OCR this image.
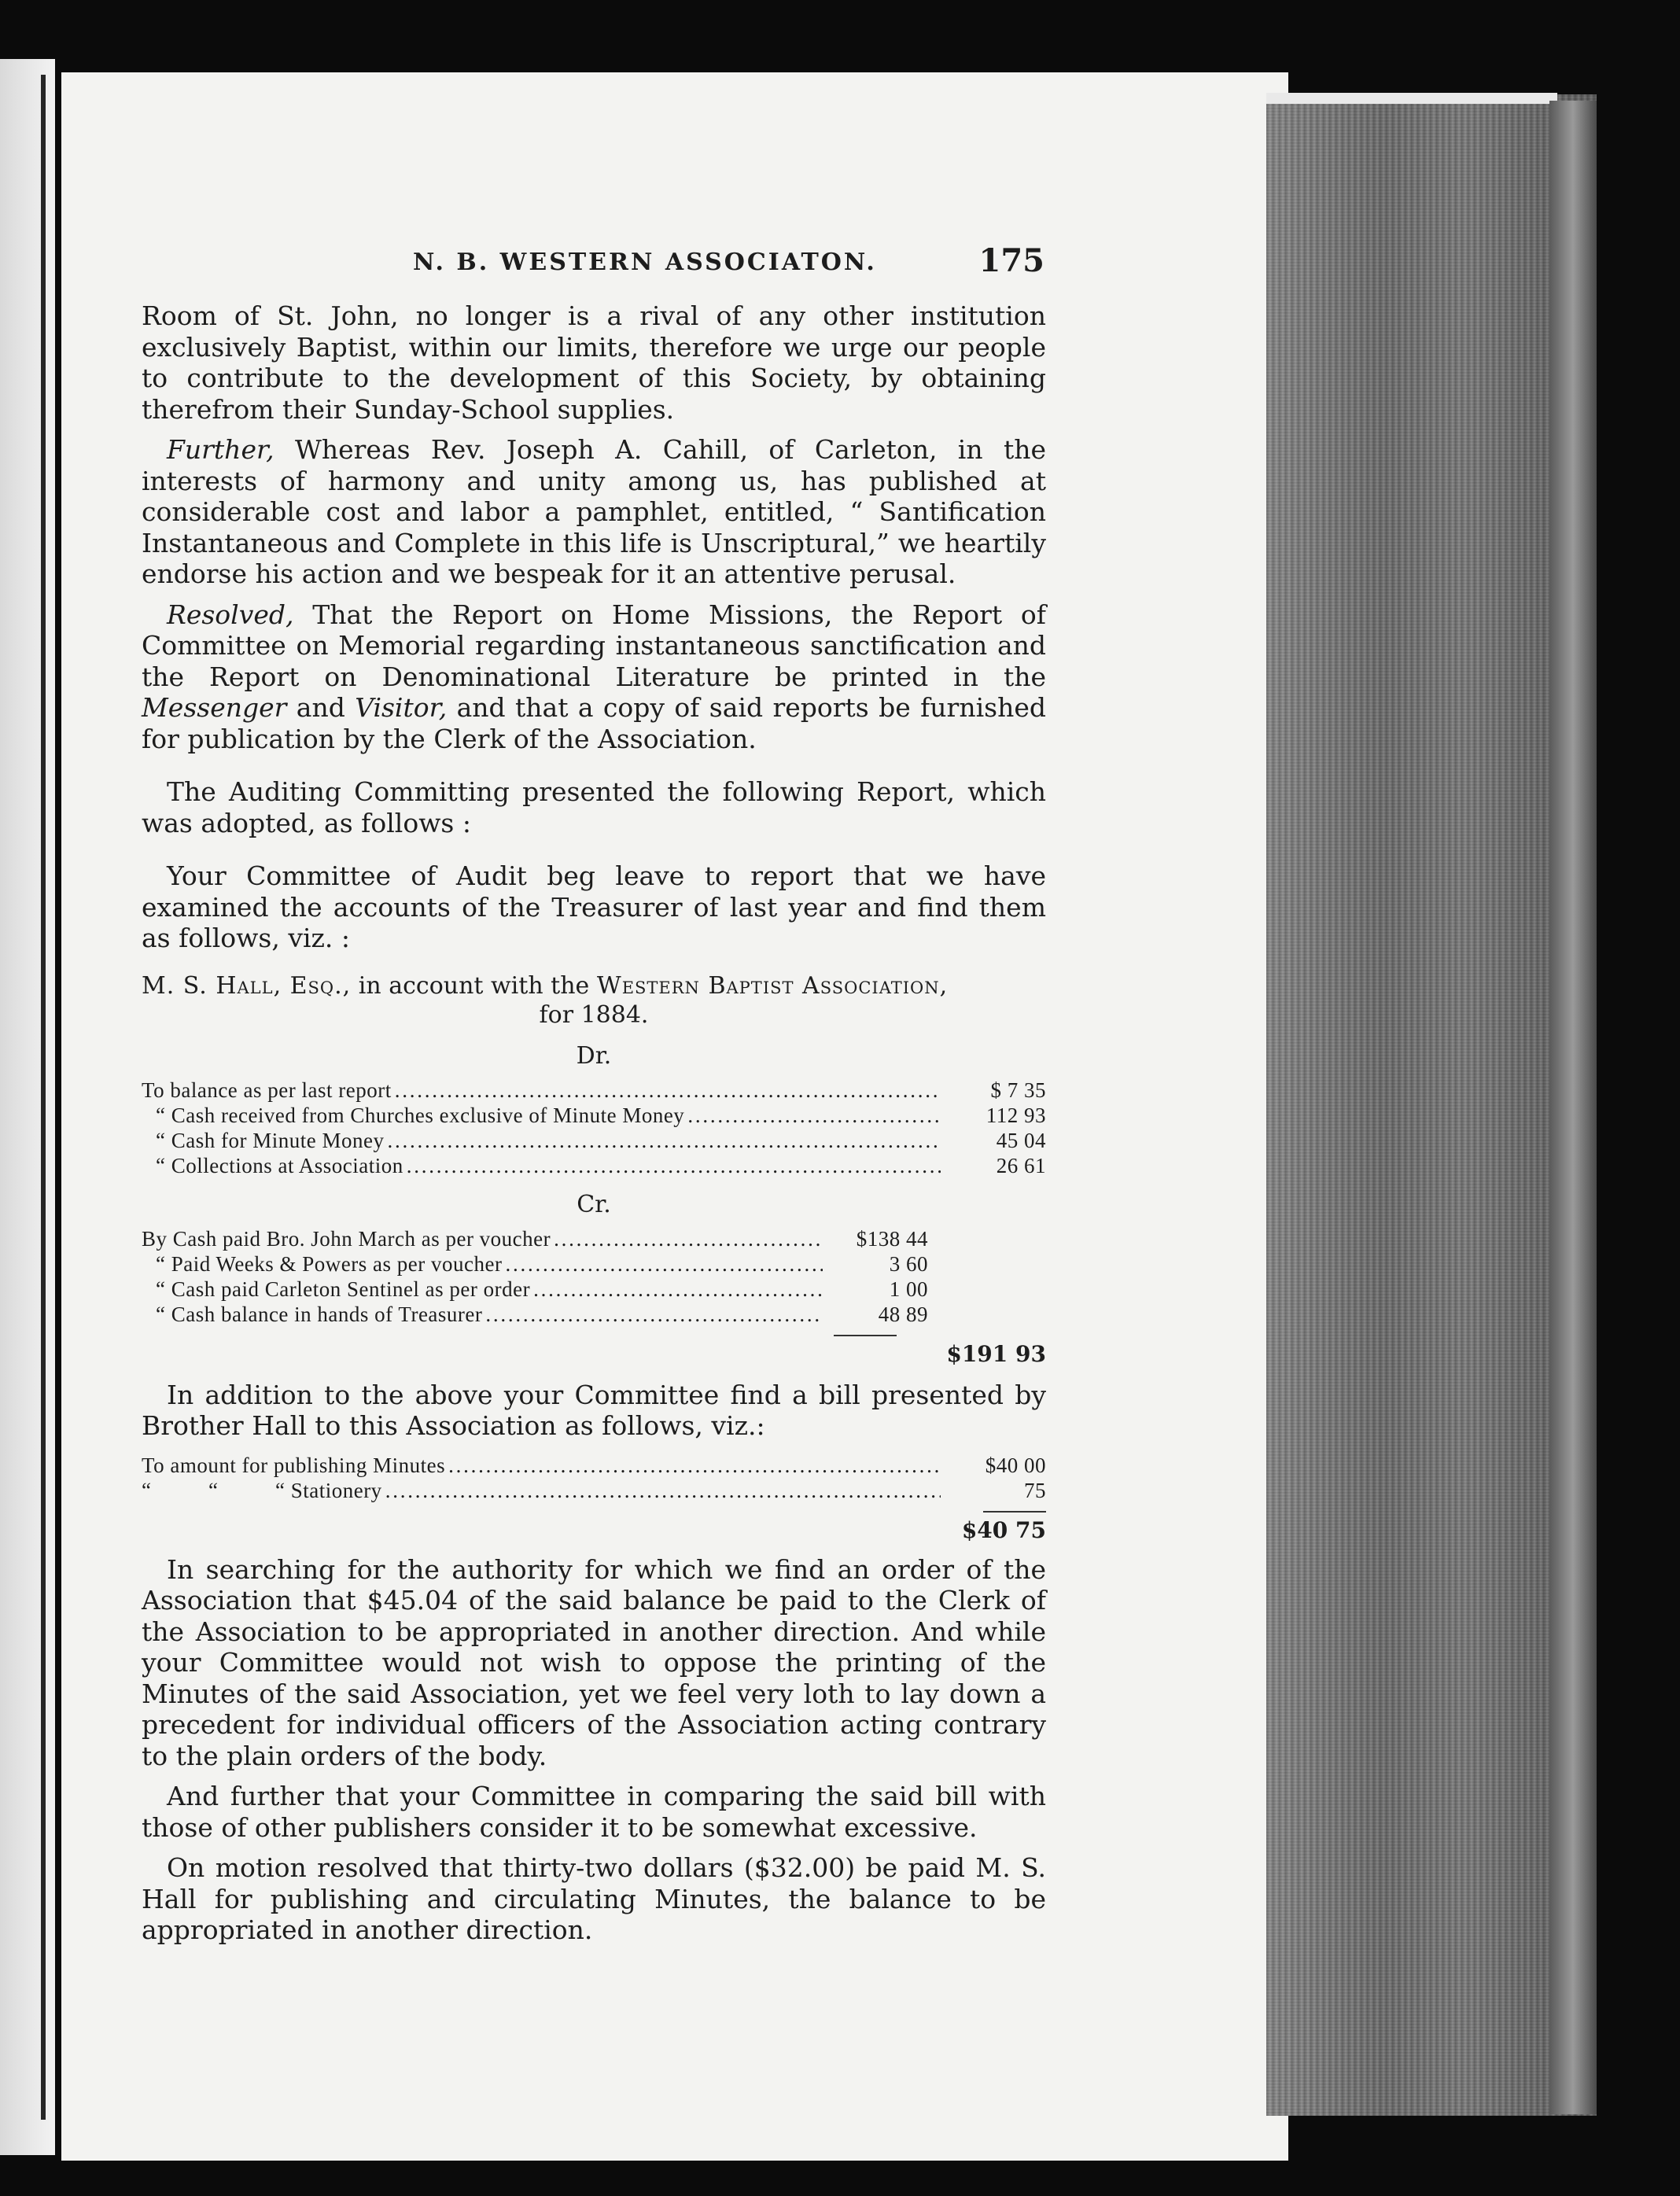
N. B. WESTERN ASSOCIATON.	175

Room of St. John, no longer is a rival of any other institution exclusively Baptist, within our limits, therefore we urge our people to contribute to the development of this Society, by obtaining therefrom their Sunday-School supplies.

Further, Whereas Rev. Joseph A. Cahill, of Carleton, in the interests of harmony and unity among us, has published at considerable cost and labor a pamphlet, entitled, “ Santification Instantaneous and Complete in this life is Unscriptural,” we heartily endorse his action and we bespeak for it an attentive perusal.

Resolved, That the Report on Home Missions, the Report of Committee on Memorial regarding instantaneous sanctification and the Report on Denominational Literature be printed in the Messenger and Visitor, and that a copy of said reports be furnished for publication by the Clerk of the Association.

The Auditing Committing presented the following Report, which was adopted, as follows :

Your Committee of Audit beg leave to report that we have examined the accounts of the Treasurer of last year and find them as follows, viz. :

M. S. Hall, Esq., in account with the Western Baptist Association,
for 1884.
Dr.
To balance as per last report . . .	$ 7 35
“ Cash received from Churches exclusive of Minute Money . . .	112 93
“ Cash for Minute Money . . .	45 04
“ Collections at Association . . .	26 61
Cr.
By Cash paid Bro. John March as per voucher . . .	$138 44
“ Paid Weeks & Powers as per voucher . . .	3 60
“ Cash paid Carleton Sentinel as per order . . .	1 00
“ Cash balance in hands of Treasurer . . .	48 89
$191 93

In addition to the above your Committee find a bill presented by Brother Hall to this Association as follows, viz.:

To amount for publishing Minutes . . .	$40 00
“          “          “ Stationery . . .	75
$40 75

In searching for the authority for which we find an order of the Association that $45.04 of the said balance be paid to the Clerk of the Association to be appropriated in another direction. And while your Committee would not wish to oppose the printing of the Minutes of the said Association, yet we feel very loth to lay down a precedent for individual officers of the Association acting contrary to the plain orders of the body.

And further that your Committee in comparing the said bill with those of other publishers consider it to be somewhat excessive.

On motion resolved that thirty-two dollars ($32.00) be paid M. S. Hall for publishing and circulating Minutes, the balance to be appropriated in another direction.
